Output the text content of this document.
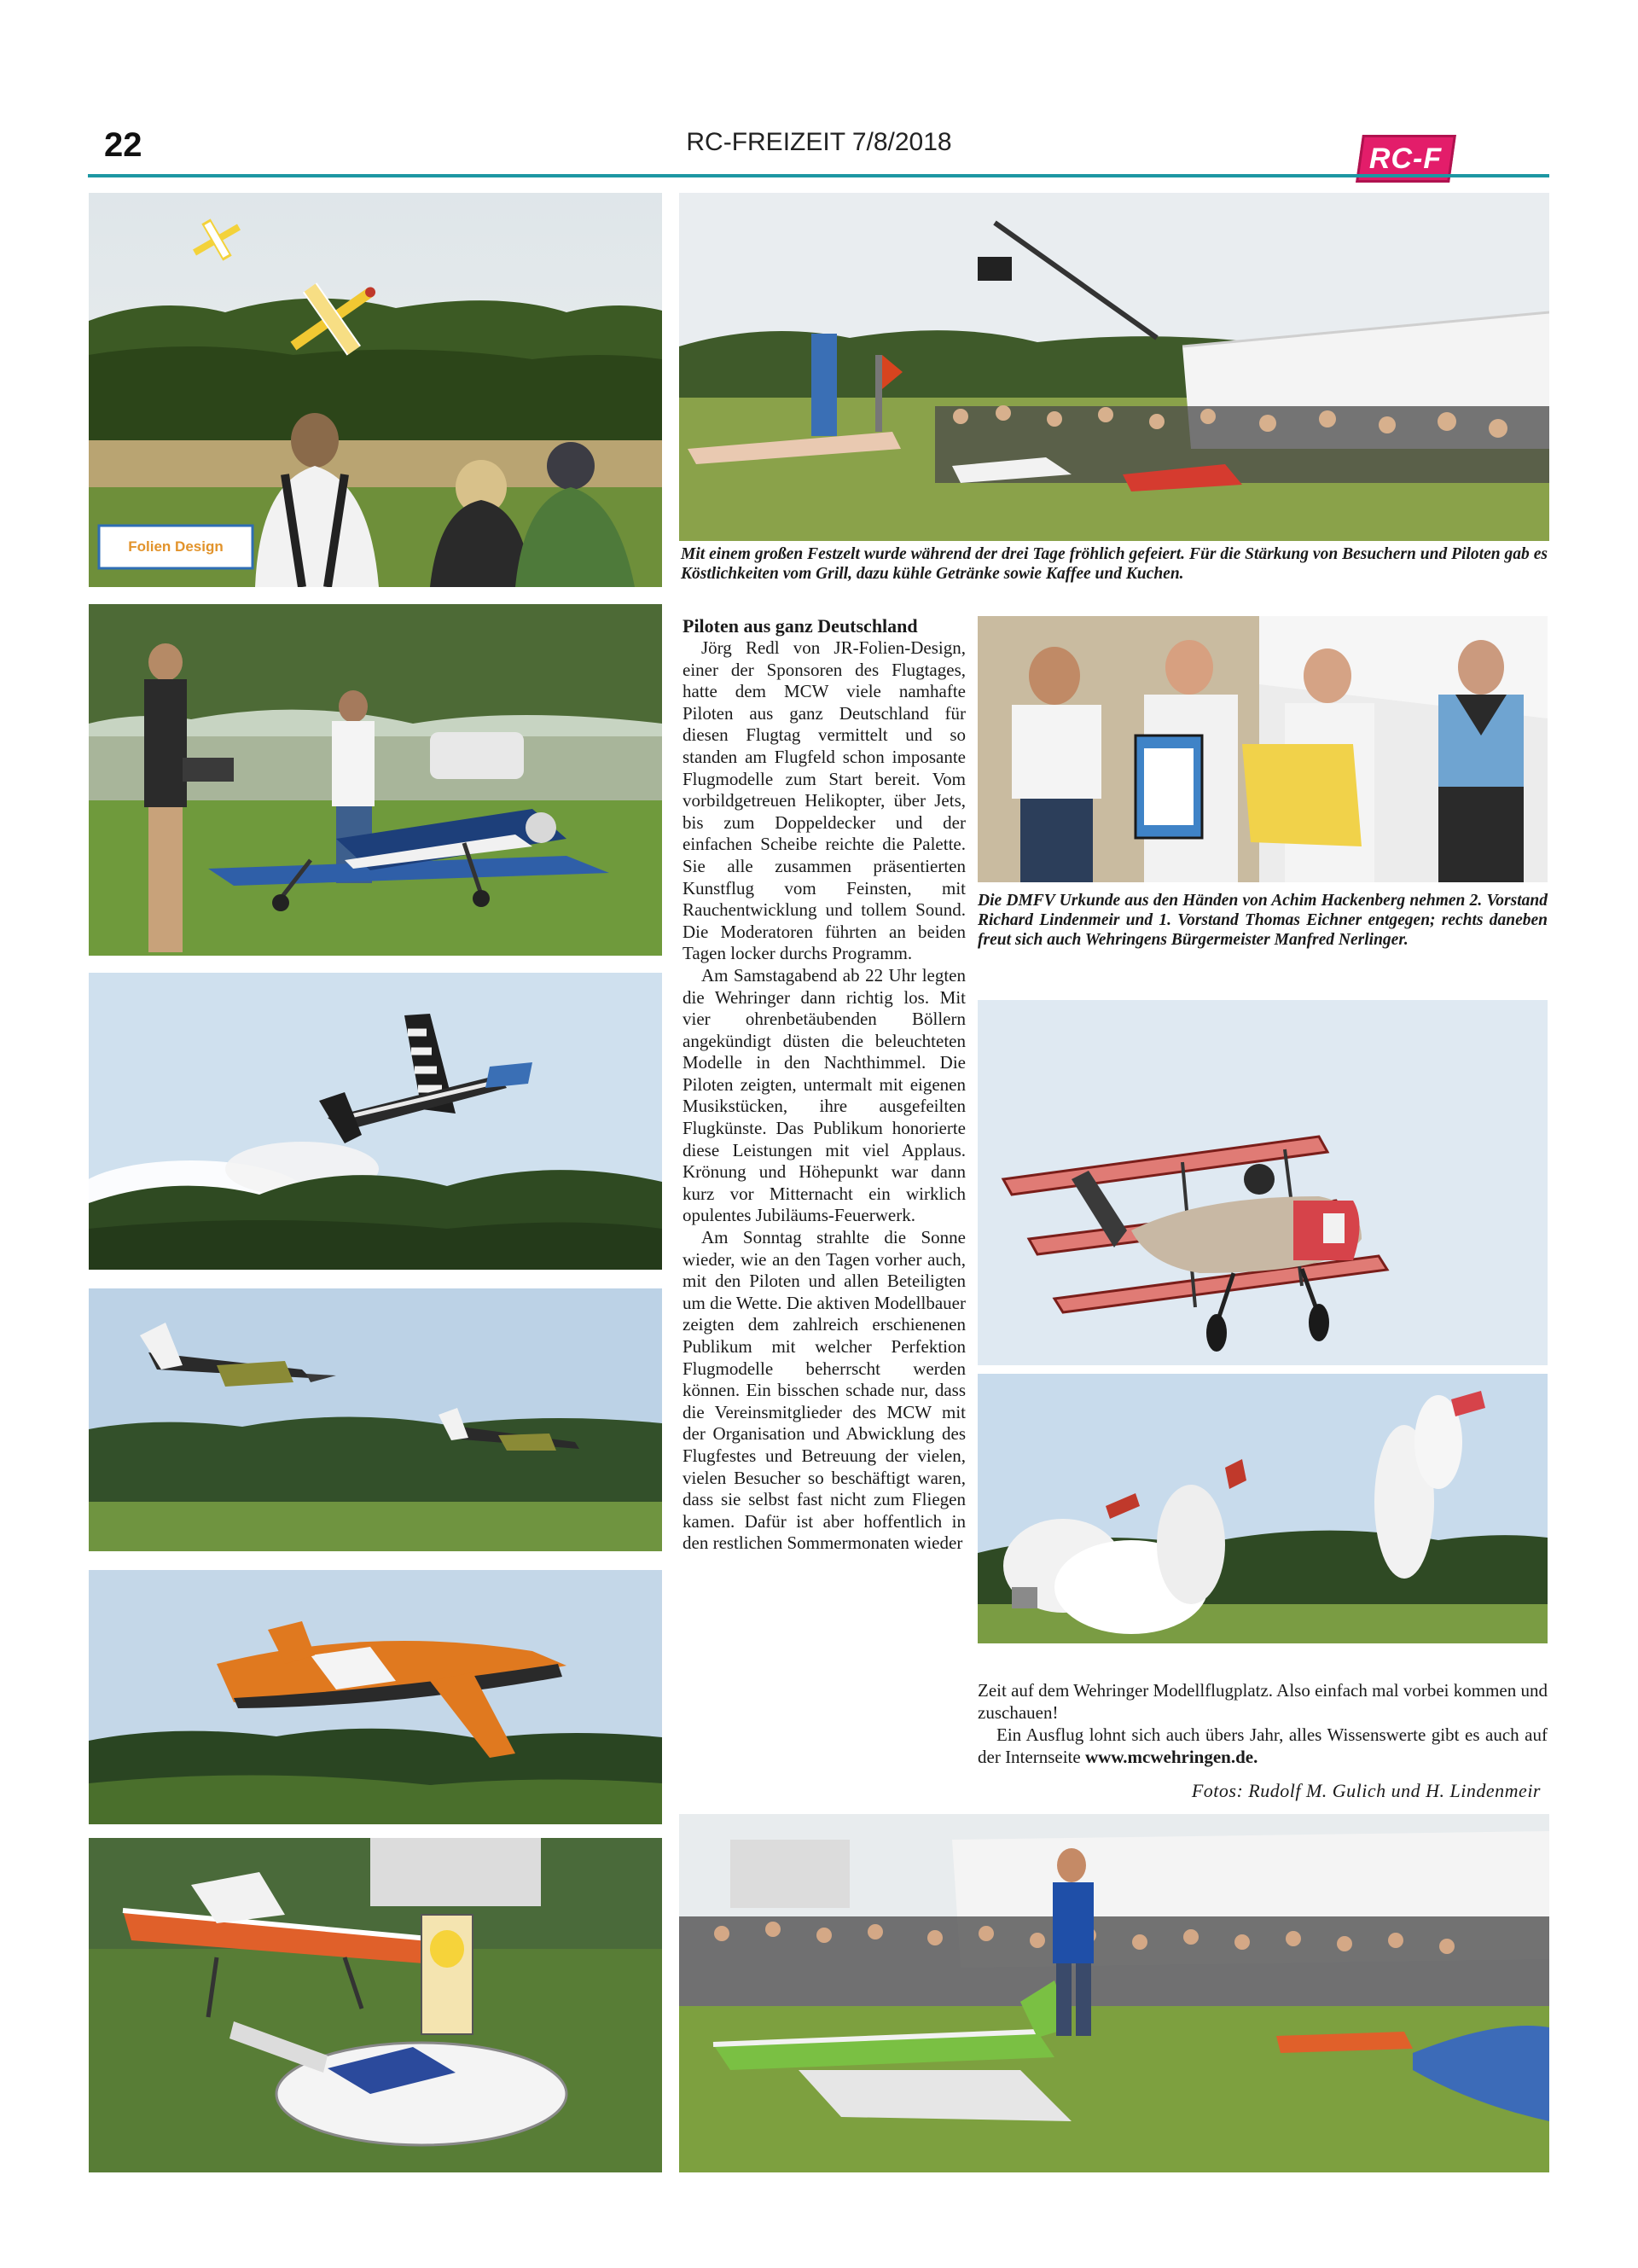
22	RC-FREIZEIT 7/8/2018	RC-F
Folien Design	Mit einem großen Festzelt wurde während der drei Tage fröhlich gefeiert. Für die Stärkung von Besuchern und Piloten gab es Köstlichkeiten vom Grill, dazu kühle Getränke sowie Kaffee und Kuchen.
Die DMFV Urkunde aus den Händen von Achim Hackenberg nehmen 2. Vorstand Richard Lindenmeir und 1. Vorstand Thomas Eichner entgegen; rechts daneben freut sich auch Wehringens Bürgermeister Manfred Nerlinger.
Piloten aus ganz Deutschland

Jörg Redl von JR-Folien-Design, einer der Sponsoren des Flugtages, hatte dem MCW viele namhafte Piloten aus ganz Deutschland für diesen Flugtag vermittelt und so standen am Flugfeld schon imposante Flugmodelle zum Start bereit. Vom vorbildgetreuen Helikopter, über Jets, bis zum Doppeldecker und der einfachen Scheibe reichte die Palette. Sie alle zusammen präsentierten Kunstflug vom Feinsten, mit Rauchentwicklung und tollem Sound. Die Moderatoren führten an beiden Tagen locker durchs Programm.

Am Samstagabend ab 22 Uhr legten die Wehringer dann richtig los. Mit vier ohrenbetäubenden Böllern angekündigt düsten die beleuchteten Modelle in den Nachthimmel. Die Piloten zeigten, untermalt mit eigenen Musikstücken, ihre ausgefeilten Flugkünste. Das Publikum honorierte diese Leistungen mit viel Applaus. Krönung und Höhepunkt war dann kurz vor Mitternacht ein wirklich opulentes Jubiläums-Feuerwerk.

Am Sonntag strahlte die Sonne wieder, wie an den Tagen vorher auch, mit den Piloten und allen Beteiligten um die Wette. Die aktiven Modellbauer zeigten dem zahlreich erschienenen Publikum mit welcher Perfektion Flugmodelle beherrscht werden können. Ein bisschen schade nur, dass die Vereinsmitglieder des MCW mit der Organisation und Abwicklung des Flugfestes und Betreuung der vielen, vielen Besucher so beschäftigt waren, dass sie selbst fast nicht zum Fliegen kamen. Dafür ist aber hoffentlich in den restlichen Sommermonaten wieder

Zeit auf dem Wehringer Modellflugplatz. Also einfach mal vorbei kommen und zuschauen!

Ein Ausflug lohnt sich auch übers Jahr, alles Wissenswerte gibt es auch auf der Internseite www.mcwehringen.de.

Fotos: Rudolf M. Gulich und H. Lindenmeir
